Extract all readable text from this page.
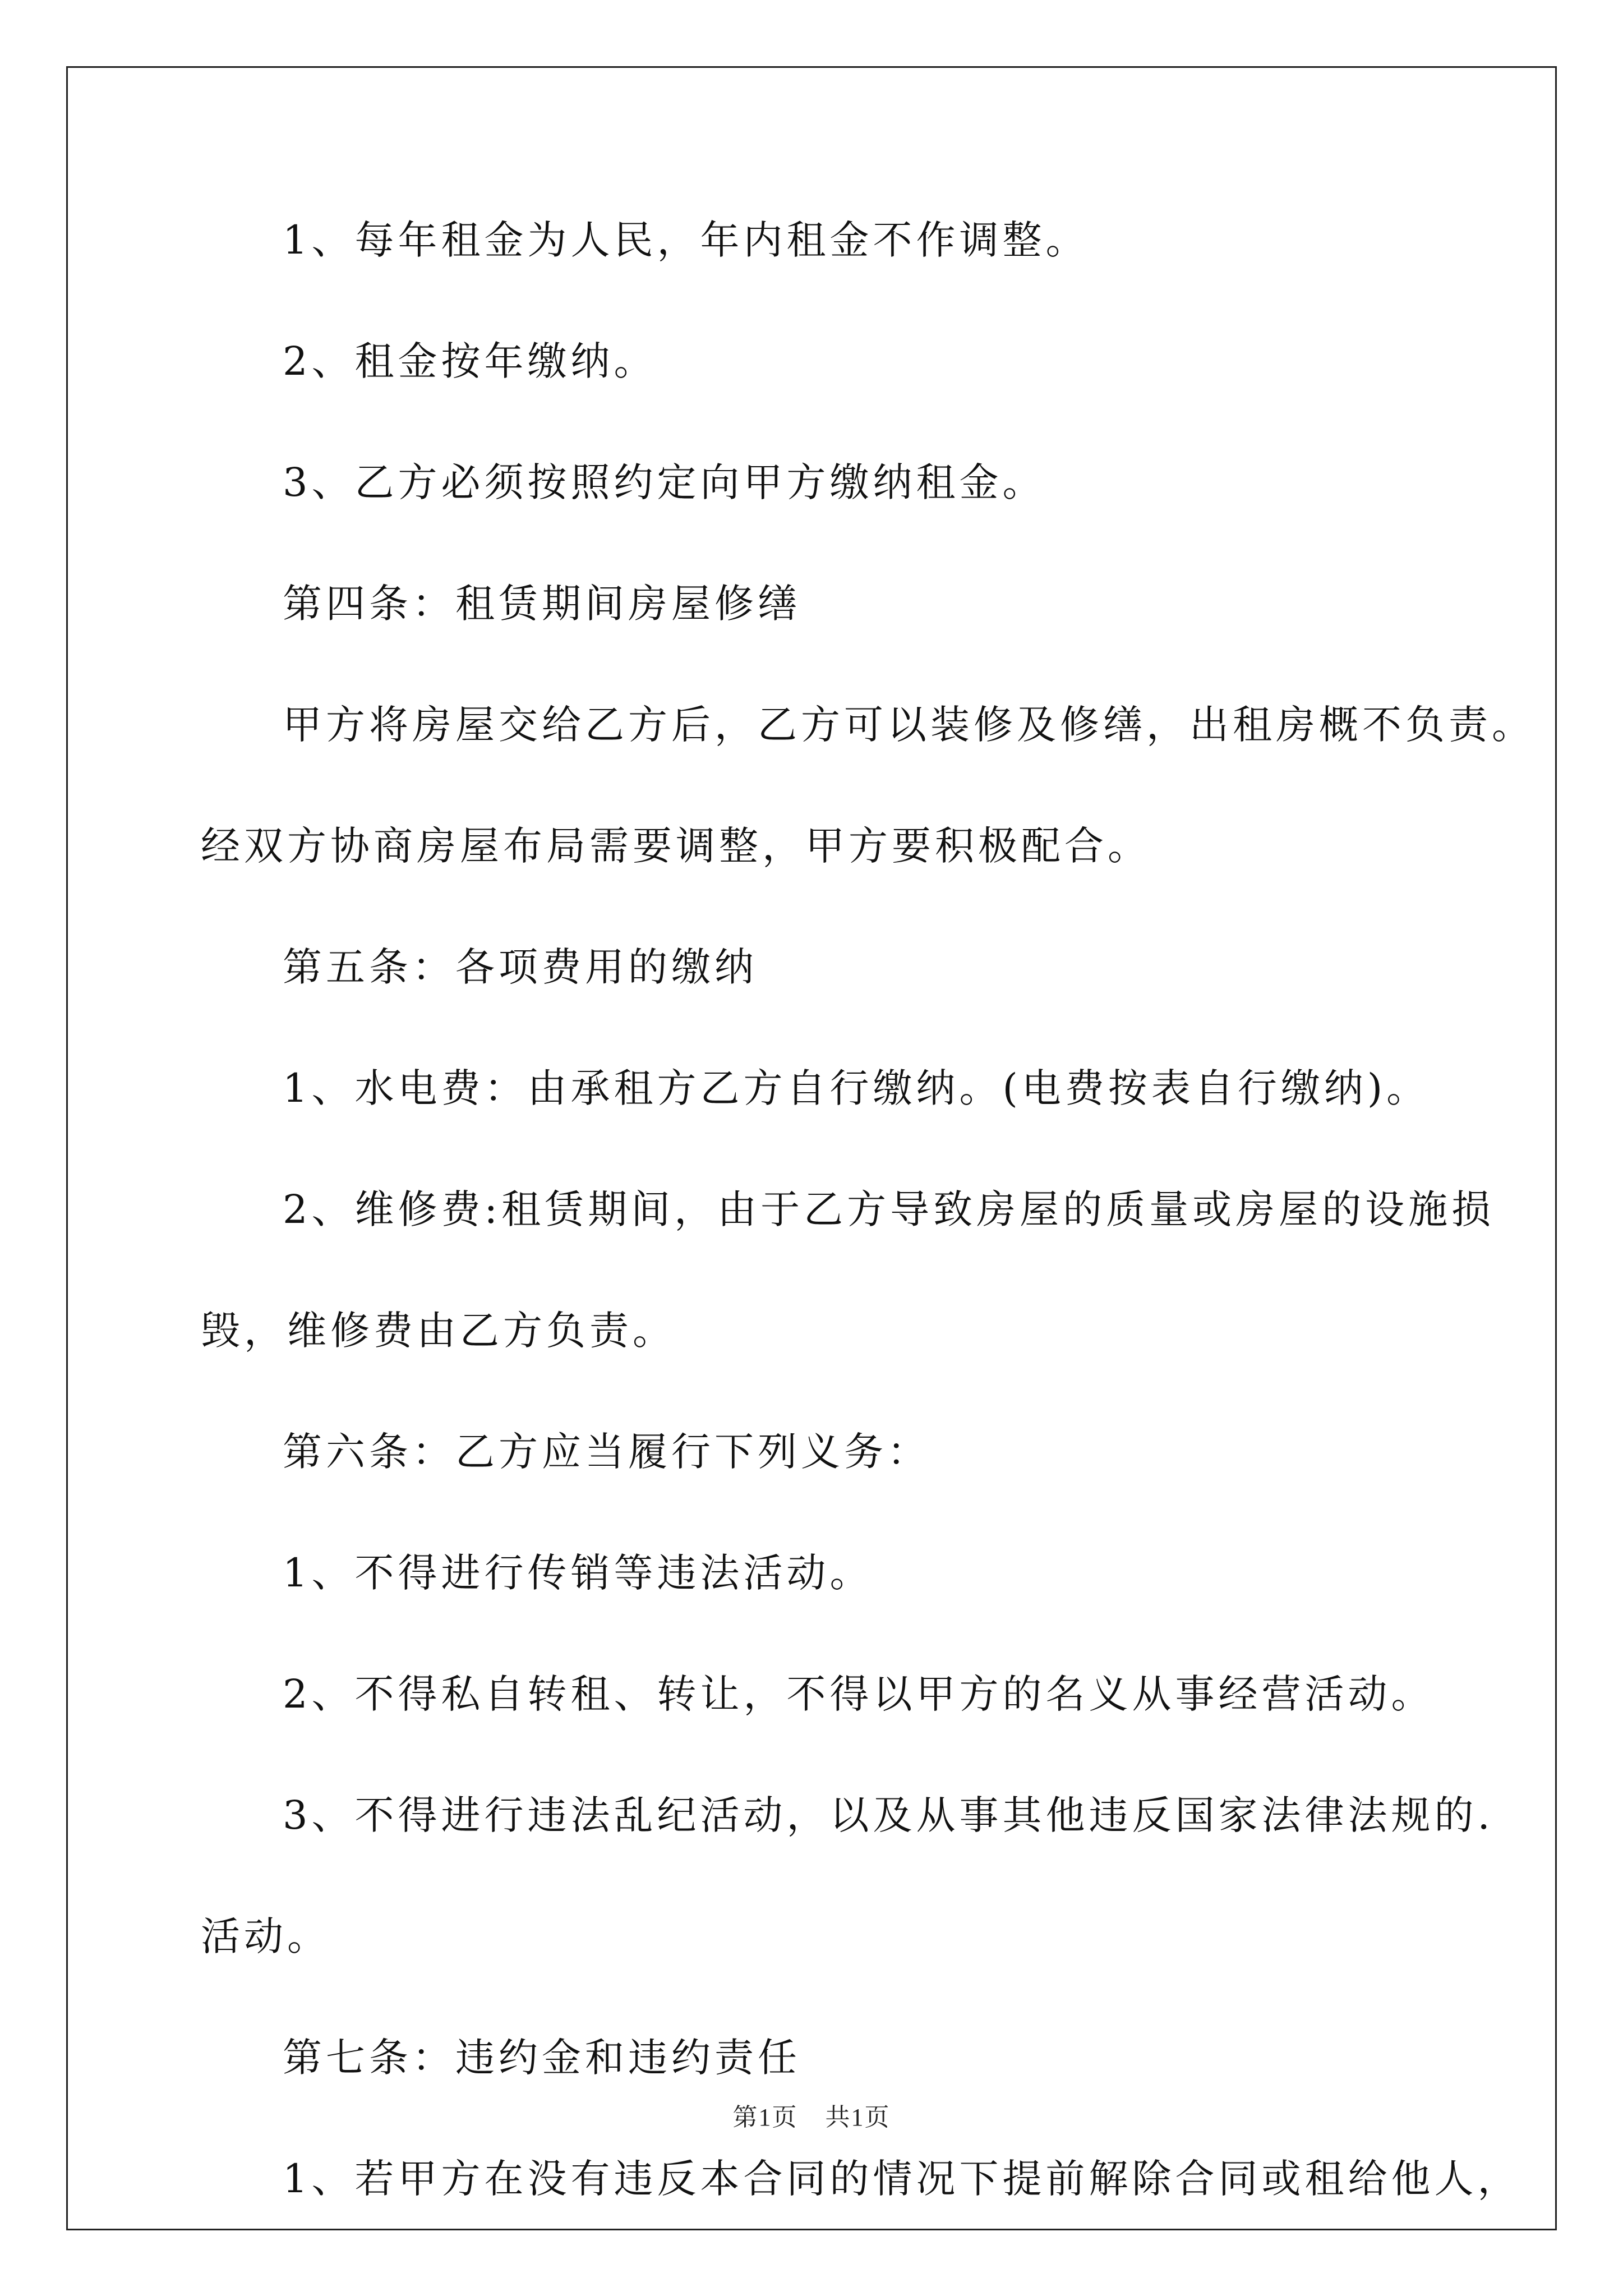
1、每年租金为人民，年内租金不作调整。

2、租金按年缴纳。

3、乙方必须按照约定向甲方缴纳租金。

第四条：租赁期间房屋修缮

甲方将房屋交给乙方后，乙方可以装修及修缮，出租房概不负责。

经双方协商房屋布局需要调整，甲方要积极配合。

第五条：各项费用的缴纳

1、水电费：由承租方乙方自行缴纳。(电费按表自行缴纳)。

2、维修费:租赁期间，由于乙方导致房屋的质量或房屋的设施损

毁，维修费由乙方负责。

第六条：乙方应当履行下列义务：

1、不得进行传销等违法活动。

2、不得私自转租、转让，不得以甲方的名义从事经营活动。

3、不得进行违法乱纪活动，以及从事其他违反国家法律法规的.

活动。

第七条：违约金和违约责任

1、若甲方在没有违反本合同的情况下提前解除合同或租给他人，

第1页 共1页
